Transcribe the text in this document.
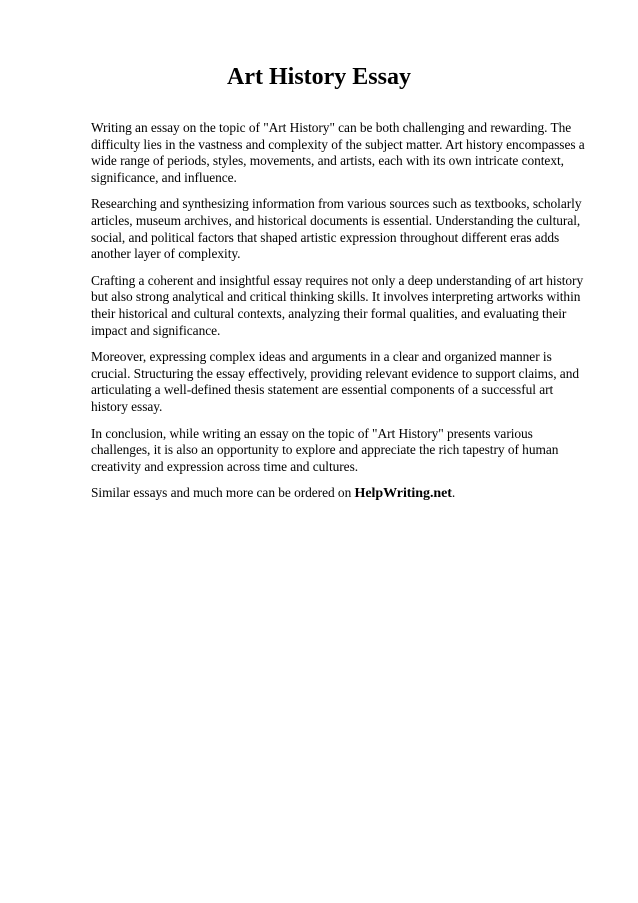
Art History Essay

Writing an essay on the topic of "Art History" can be both challenging and rewarding. The difficulty lies in the vastness and complexity of the subject matter. Art history encompasses a wide range of periods, styles, movements, and artists, each with its own intricate context, significance, and influence.

Researching and synthesizing information from various sources such as textbooks, scholarly articles, museum archives, and historical documents is essential. Understanding the cultural, social, and political factors that shaped artistic expression throughout different eras adds another layer of complexity.

Crafting a coherent and insightful essay requires not only a deep understanding of art history but also strong analytical and critical thinking skills. It involves interpreting artworks within their historical and cultural contexts, analyzing their formal qualities, and evaluating their impact and significance.

Moreover, expressing complex ideas and arguments in a clear and organized manner is crucial. Structuring the essay effectively, providing relevant evidence to support claims, and articulating a well-defined thesis statement are essential components of a successful art history essay.

In conclusion, while writing an essay on the topic of "Art History" presents various challenges, it is also an opportunity to explore and appreciate the rich tapestry of human creativity and expression across time and cultures.

Similar essays and much more can be ordered on HelpWriting.net.
